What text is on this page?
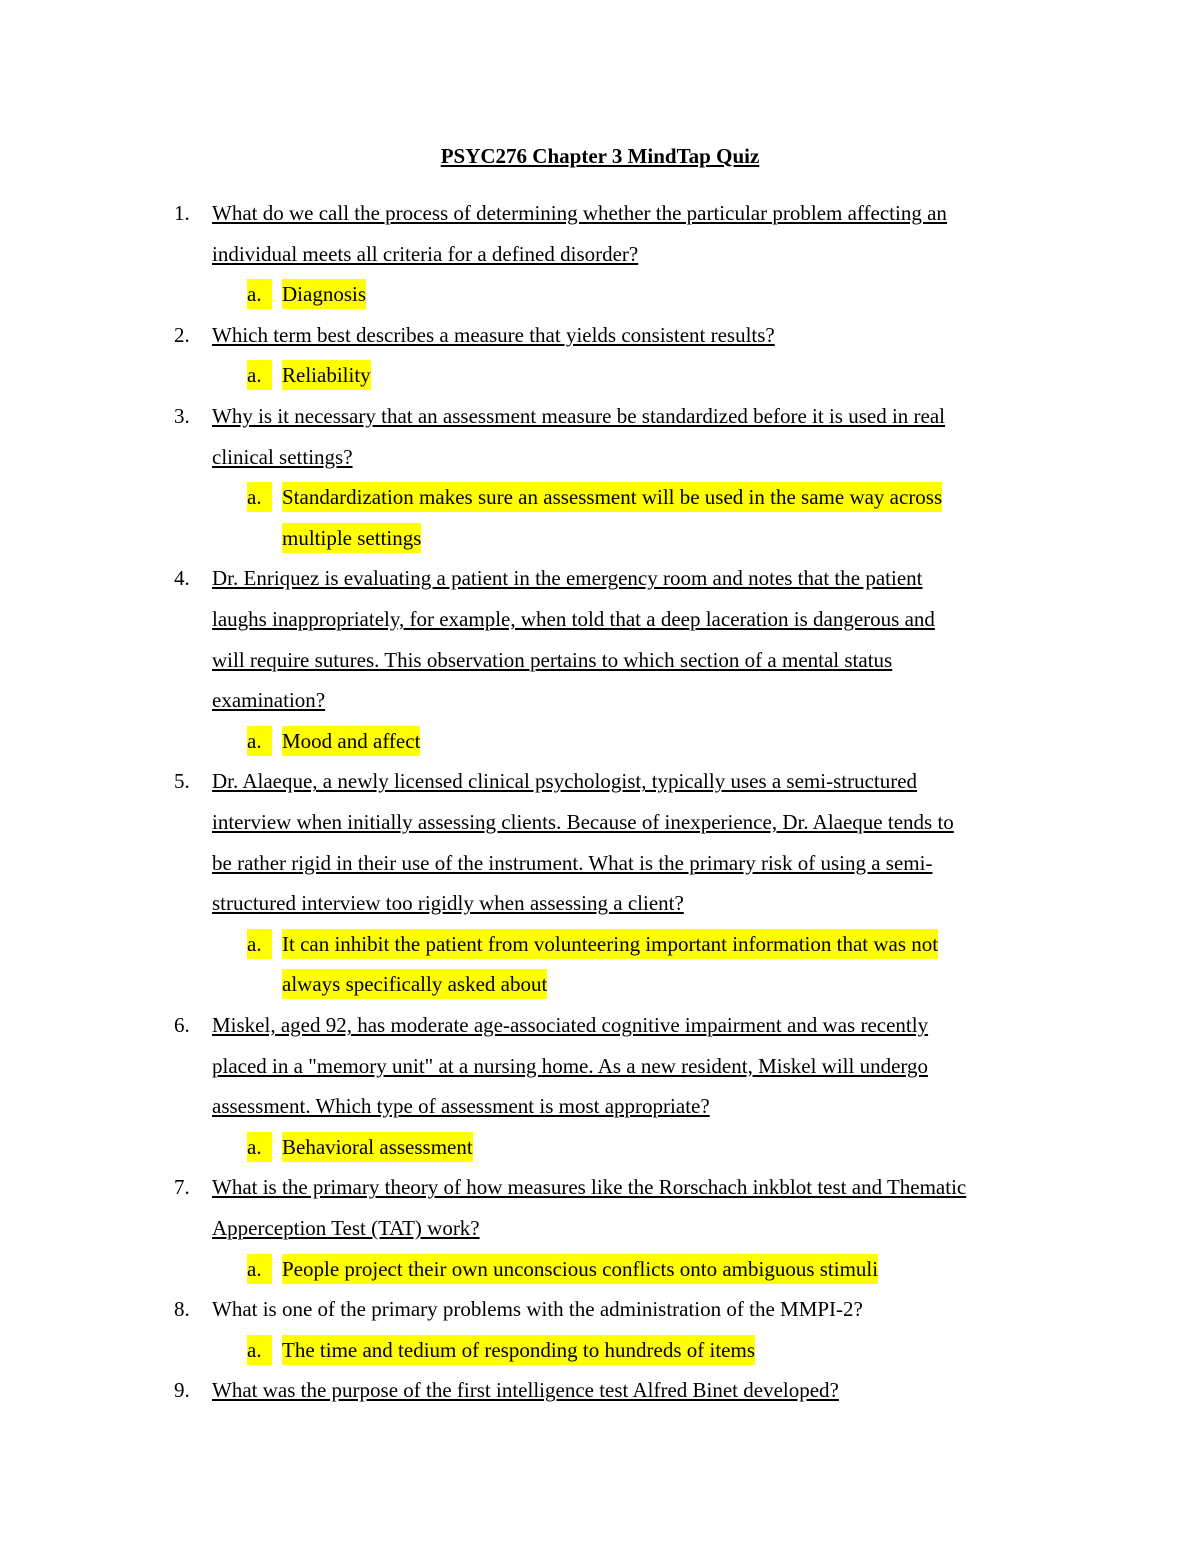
PSYC276 Chapter 3 MindTap Quiz
1. What do we call the process of determining whether the particular problem affecting an
individual meets all criteria for a defined disorder?
a. Diagnosis
2. Which term best describes a measure that yields consistent results?
a. Reliability
3. Why is it necessary that an assessment measure be standardized before it is used in real
clinical settings?
a. Standardization makes sure an assessment will be used in the same way across
multiple settings
4. Dr. Enriquez is evaluating a patient in the emergency room and notes that the patient
laughs inappropriately, for example, when told that a deep laceration is dangerous and
will require sutures. This observation pertains to which section of a mental status
examination?
a. Mood and affect
5. Dr. Alaeque, a newly licensed clinical psychologist, typically uses a semi-structured
interview when initially assessing clients. Because of inexperience, Dr. Alaeque tends to
be rather rigid in their use of the instrument. What is the primary risk of using a semi-
structured interview too rigidly when assessing a client?
a. It can inhibit the patient from volunteering important information that was not
always specifically asked about
6. Miskel, aged 92, has moderate age-associated cognitive impairment and was recently
placed in a "memory unit" at a nursing home. As a new resident, Miskel will undergo
assessment. Which type of assessment is most appropriate?
a. Behavioral assessment
7. What is the primary theory of how measures like the Rorschach inkblot test and Thematic
Apperception Test (TAT) work?
a. People project their own unconscious conflicts onto ambiguous stimuli
8. What is one of the primary problems with the administration of the MMPI-2?
a. The time and tedium of responding to hundreds of items
9. What was the purpose of the first intelligence test Alfred Binet developed?
